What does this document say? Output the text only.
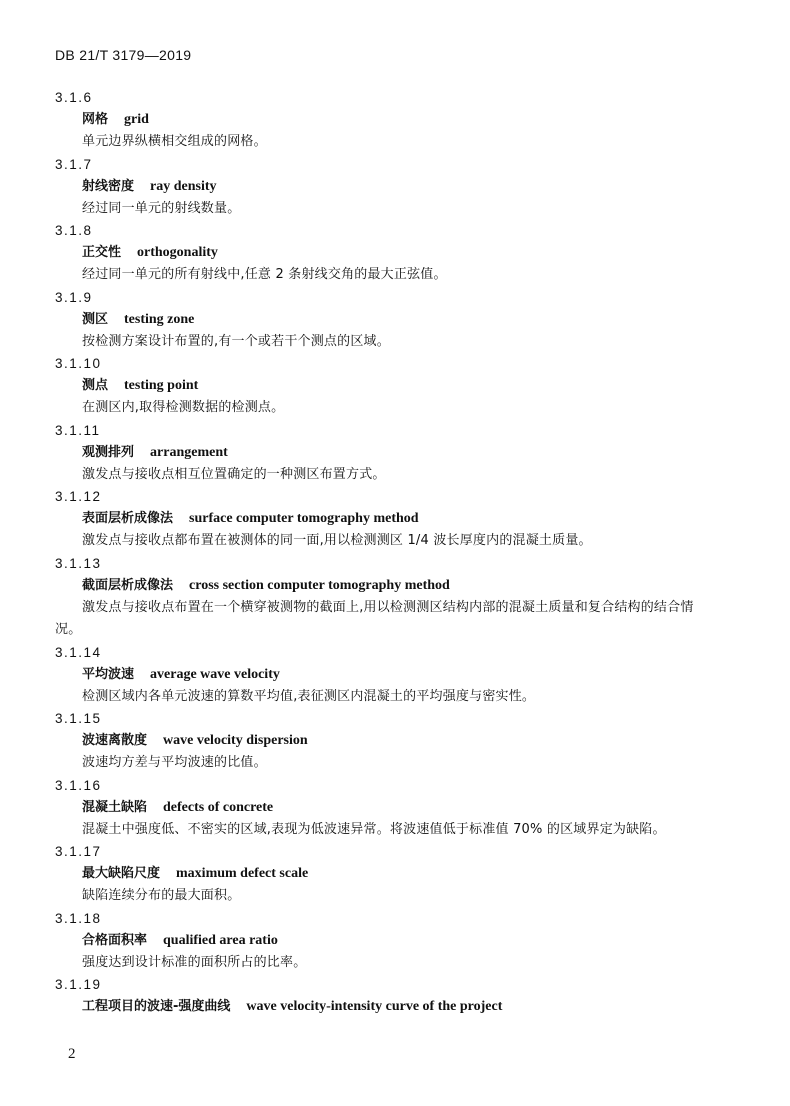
DB 21/T 3179—2019
3.1.6
网格 grid
单元边界纵横相交组成的网格。
3.1.7
射线密度 ray density
经过同一单元的射线数量。
3.1.8
正交性 orthogonality
经过同一单元的所有射线中,任意 2 条射线交角的最大正弦值。
3.1.9
测区 testing zone
按检测方案设计布置的,有一个或若干个测点的区域。
3.1.10
测点 testing point
在测区内,取得检测数据的检测点。
3.1.11
观测排列 arrangement
激发点与接收点相互位置确定的一种测区布置方式。
3.1.12
表面层析成像法 surface computer tomography method
激发点与接收点都布置在被测体的同一面,用以检测测区 1/4 波长厚度内的混凝土质量。
3.1.13
截面层析成像法 cross section computer tomography method
激发点与接收点布置在一个横穿被测物的截面上,用以检测测区结构内部的混凝土质量和复合结构的结合情况。
3.1.14
平均波速 average wave velocity
检测区域内各单元波速的算数平均值,表征测区内混凝土的平均强度与密实性。
3.1.15
波速离散度 wave velocity dispersion
波速均方差与平均波速的比值。
3.1.16
混凝土缺陷 defects of concrete
混凝土中强度低、不密实的区域,表现为低波速异常。将波速值低于标准值 70% 的区域界定为缺陷。
3.1.17
最大缺陷尺度 maximum defect scale
缺陷连续分布的最大面积。
3.1.18
合格面积率 qualified area ratio
强度达到设计标准的面积所占的比率。
3.1.19
工程项目的波速-强度曲线 wave velocity-intensity curve of the project
2
